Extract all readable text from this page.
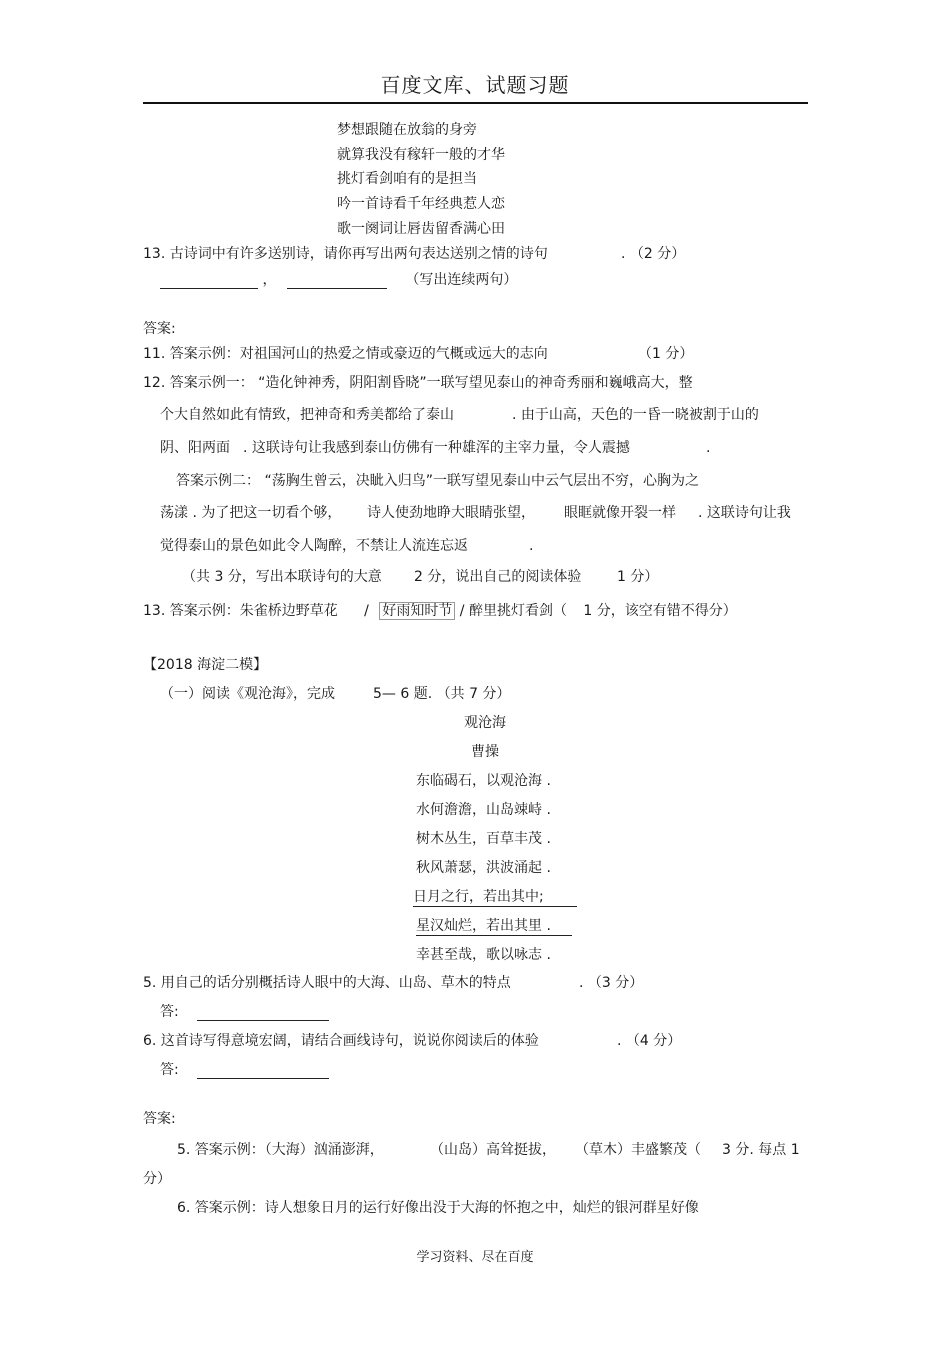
百度文库、试题习题
梦想跟随在放翁的身旁
就算我没有稼轩一般的才华
挑灯看剑咱有的是担当
吟一首诗看千年经典惹人恋
歌一阕词让唇齿留香满心田
13. 古诗词中有许多送别诗，请你再写出两句表达送别之情的诗句	. （2 分）
，	（写出连续两句）
答案:
11. 答案示例：对祖国河山的热爱之情或豪迈的气概或远大的志向	（1 分）
12. 答案示例一： “造化钟神秀，阴阳割昏晓”一联写望见泰山的神奇秀丽和巍峨高大，整
个大自然如此有情致，把神奇和秀美都给了泰山	. 由于山高，天色的一昏一晓被割于山的
阴、阳两面 . 这联诗句让我感到泰山仿佛有一种雄浑的主宰力量，令人震撼	.
答案示例二： “荡胸生曾云，决眦入归鸟”一联写望见泰山中云气层出不穷，心胸为之
荡漾 . 为了把这一切看个够， 诗人使劲地睁大眼睛张望， 眼眶就像开裂一样 . 这联诗句让我
觉得泰山的景色如此令人陶醉，不禁让人流连忘返	.
（共 3 分，写出本联诗句的大意 2 分，说出自己的阅读体验	1 分）
13. 答案示例：朱雀桥边野草花 / 好雨知时节 / 醉里挑灯看剑（ 1 分，该空有错不得分）
【2018 海淀二模】
（一）阅读《观沧海》，完成	5— 6 题. （共 7 分）
观沧海
曹操
东临碣石，以观沧海 .
水何澹澹，山岛竦峙 .
树木丛生，百草丰茂 .
秋风萧瑟，洪波涌起 .
日月之行，若出其中;
星汉灿烂，若出其里 .
幸甚至哉，歌以咏志 .
5. 用自己的话分别概括诗人眼中的大海、山岛、草木的特点	. （3 分）
答:
6. 这首诗写得意境宏阔，请结合画线诗句，说说你阅读后的体验	. （4 分）
答:
答案:
5. 答案示例：（大海）汹涌澎湃，	（山岛）高耸挺拔， （草木）丰盛繁茂（ 3 分. 每点 1
分）
6. 答案示例：诗人想象日月的运行好像出没于大海的怀抱之中，灿烂的银河群星好像
学习资料、尽在百度
